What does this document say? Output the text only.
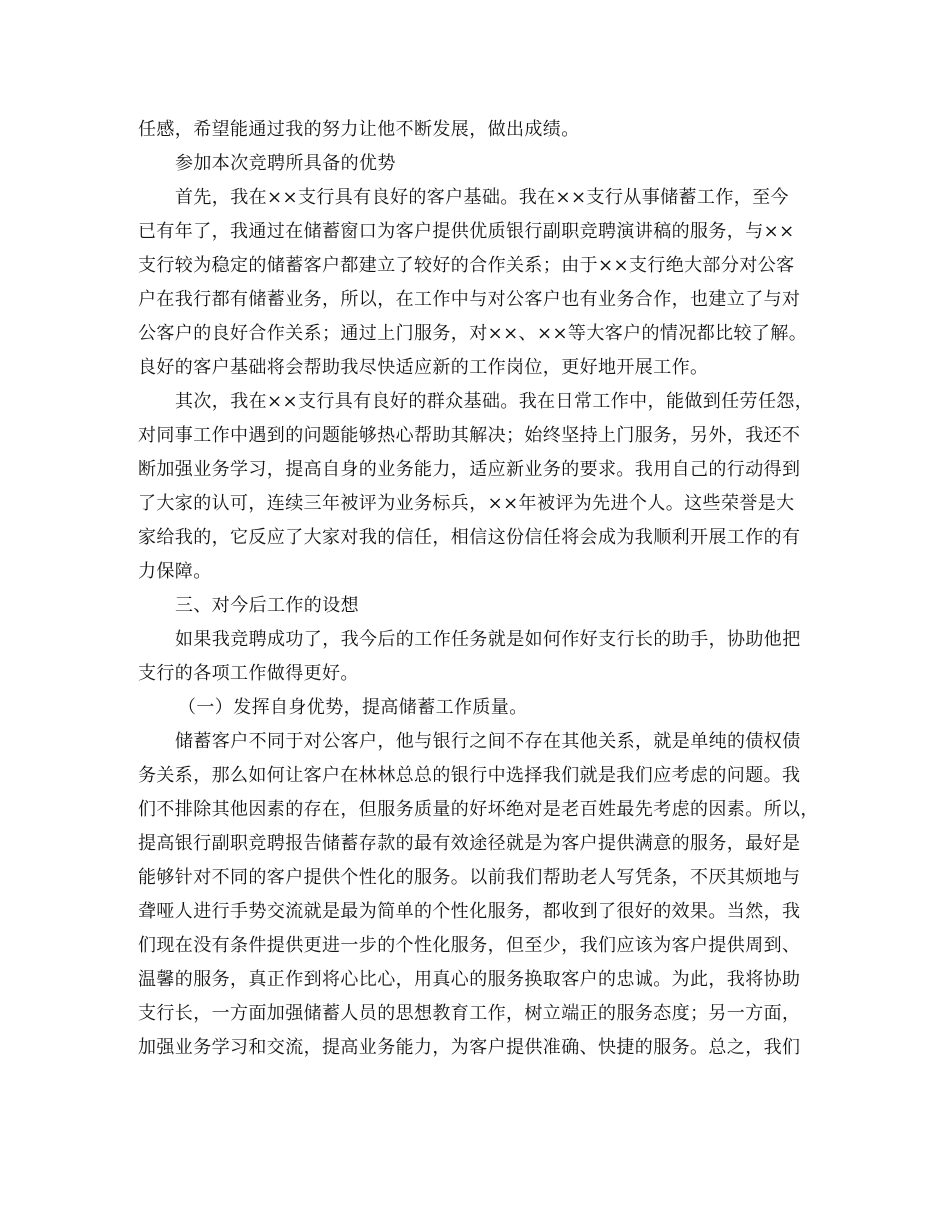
任感，希望能通过我的努力让他不断发展，做出成绩。
参加本次竞聘所具备的优势
首先，我在××支行具有良好的客户基础。我在××支行从事储蓄工作，至今
已有年了，我通过在储蓄窗口为客户提供优质银行副职竞聘演讲稿的服务，与××
支行较为稳定的储蓄客户都建立了较好的合作关系；由于××支行绝大部分对公客
户在我行都有储蓄业务，所以，在工作中与对公客户也有业务合作，也建立了与对
公客户的良好合作关系；通过上门服务，对××、××等大客户的情况都比较了解。
良好的客户基础将会帮助我尽快适应新的工作岗位，更好地开展工作。
其次，我在××支行具有良好的群众基础。我在日常工作中，能做到任劳任怨，
对同事工作中遇到的问题能够热心帮助其解决；始终坚持上门服务，另外，我还不
断加强业务学习，提高自身的业务能力，适应新业务的要求。我用自己的行动得到
了大家的认可，连续三年被评为业务标兵，××年被评为先进个人。这些荣誉是大
家给我的，它反应了大家对我的信任，相信这份信任将会成为我顺利开展工作的有
力保障。
三、对今后工作的设想
如果我竞聘成功了，我今后的工作任务就是如何作好支行长的助手，协助他把
支行的各项工作做得更好。
（一）发挥自身优势，提高储蓄工作质量。
储蓄客户不同于对公客户，他与银行之间不存在其他关系，就是单纯的债权债
务关系，那么如何让客户在林林总总的银行中选择我们就是我们应考虑的问题。我
们不排除其他因素的存在，但服务质量的好坏绝对是老百姓最先考虑的因素。所以，
提高银行副职竞聘报告储蓄存款的最有效途径就是为客户提供满意的服务，最好是
能够针对不同的客户提供个性化的服务。以前我们帮助老人写凭条，不厌其烦地与
聋哑人进行手势交流就是最为简单的个性化服务，都收到了很好的效果。当然，我
们现在没有条件提供更进一步的个性化服务，但至少，我们应该为客户提供周到、
温馨的服务，真正作到将心比心，用真心的服务换取客户的忠诚。为此，我将协助
支行长，一方面加强储蓄人员的思想教育工作，树立端正的服务态度；另一方面，
加强业务学习和交流，提高业务能力，为客户提供准确、快捷的服务。总之，我们
